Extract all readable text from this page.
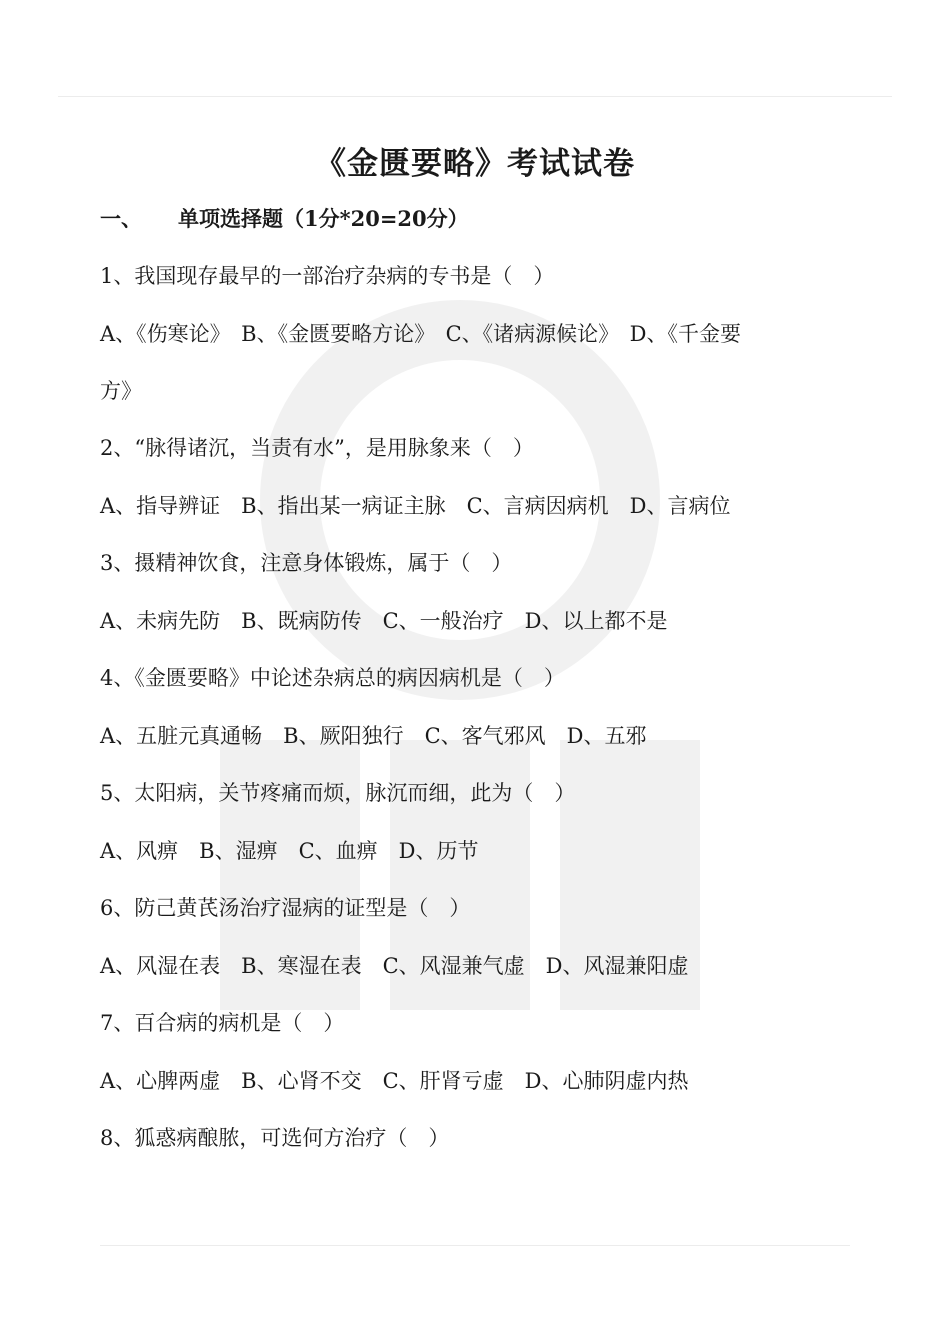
《金匮要略》考试试卷
一、 单项选择题（1分*20=20分）
1、我国现存最早的一部治疗杂病的专书是（　）
A、《伤寒论》　B、《金匮要略方论》　C、《诸病源候论》　D、《千金要
方》
2、“脉得诸沉，当责有水”，是用脉象来（　）
A、指导辨证　B、指出某一病证主脉　C、言病因病机　D、言病位
3、摄精神饮食，注意身体锻炼，属于（　）
A、未病先防　B、既病防传　C、一般治疗　D、以上都不是
4、《金匮要略》中论述杂病总的病因病机是（　）
A、五脏元真通畅　B、厥阳独行　C、客气邪风　D、五邪
5、太阳病，关节疼痛而烦，脉沉而细，此为（　）
A、风痹　B、湿痹　C、血痹　D、历节
6、防己黄芪汤治疗湿病的证型是（　）
A、风湿在表　B、寒湿在表　C、风湿兼气虚　D、风湿兼阳虚
7、百合病的病机是（　）
A、心脾两虚　B、心肾不交　C、肝肾亏虚　D、心肺阴虚内热
8、狐惑病酿脓，可选何方治疗（　）
